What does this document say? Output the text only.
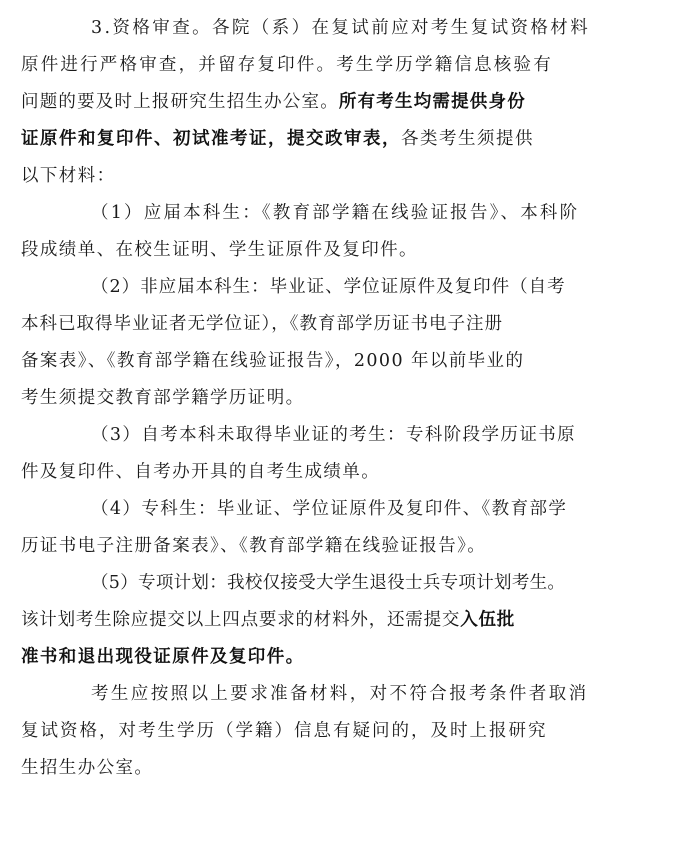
3.资格审查。各院（系）在复试前应对考生复试资格材料
原件进行严格审查，并留存复印件。考生学历学籍信息核验有
问题的要及时上报研究生招生办公室。所有考生均需提供身份
证原件和复印件、初试准考证，提交政审表，各类考生须提供
以下材料：
（1）应届本科生：《教育部学籍在线验证报告》、本科阶
段成绩单、在校生证明、学生证原件及复印件。
（2）非应届本科生：毕业证、学位证原件及复印件（自考
本科已取得毕业证者无学位证），《教育部学历证书电子注册
备案表》、《教育部学籍在线验证报告》，2000 年以前毕业的
考生须提交教育部学籍学历证明。
（3）自考本科未取得毕业证的考生：专科阶段学历证书原
件及复印件、自考办开具的自考生成绩单。
（4）专科生：毕业证、学位证原件及复印件、《教育部学
历证书电子注册备案表》、《教育部学籍在线验证报告》。
（5）专项计划：我校仅接受大学生退役士兵专项计划考生。
该计划考生除应提交以上四点要求的材料外，还需提交入伍批
准书和退出现役证原件及复印件。
考生应按照以上要求准备材料，对不符合报考条件者取消
复试资格，对考生学历（学籍）信息有疑问的，及时上报研究
生招生办公室。
